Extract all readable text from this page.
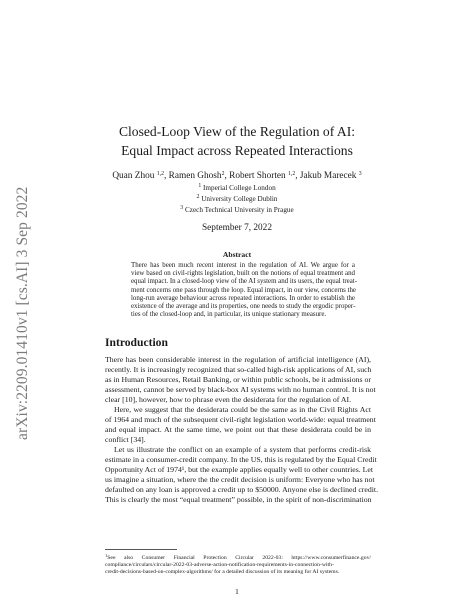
arXiv:2209.01410v1 [cs.AI] 3 Sep 2022
Closed-Loop View of the Regulation of AI:
Equal Impact across Repeated Interactions
Quan Zhou $^{1,2}$, Ramen Ghosh$^2$, Robert Shorten $^{1,2}$, Jakub Marecek $^3$
$^1$ Imperial College London
$^2$ University College Dublin
$^3$ Czech Technical University in Prague
September 7, 2022
Abstract
There has been much recent interest in the regulation of AI. We argue for a
view based on civil-rights legislation, built on the notions of equal treatment and
equal impact. In a closed-loop view of the AI system and its users, the equal treat-
ment concerns one pass through the loop. Equal impact, in our view, concerns the
long-run average behaviour across repeated interactions. In order to establish the
existence of the average and its properties, one needs to study the ergodic proper-
ties of the closed-loop and, in particular, its unique stationary measure.
Introduction
There has been considerable interest in the regulation of artificial intelligence (AI),
recently. It is increasingly recognized that so-called high-risk applications of AI, such
as in Human Resources, Retail Banking, or within public schools, be it admissions or
assessment, cannot be served by black-box AI systems with no human control. It is not
clear [10], however, how to phrase even the desiderata for the regulation of AI.
Here, we suggest that the desiderata could be the same as in the Civil Rights Act
of 1964 and much of the subsequent civil-right legislation world-wide: equal treatment
and equal impact. At the same time, we point out that these desiderata could be in
conflict [34].
Let us illustrate the conflict on an example of a system that performs credit-risk
estimate in a consumer-credit company. In the US, this is regulated by the Equal Credit
Opportunity Act of 1974¹, but the example applies equally well to other countries. Let
us imagine a situation, where the the credit decision is uniform: Everyone who has not
defaulted on any loan is approved a credit up to $50000. Anyone else is declined credit.
This is clearly the most “equal treatment” possible, in the spirit of non-discrimination
$^1$See also Consumer Financial Protection Circular 2022-03: https://www.consumerfinance.gov/
compliance/circulars/circular-2022-03-adverse-action-notification-requirements-in-connection-with-
credit-decisions-based-on-complex-algorithms/ for a detailed discussion of its meaning for AI systems.
1
